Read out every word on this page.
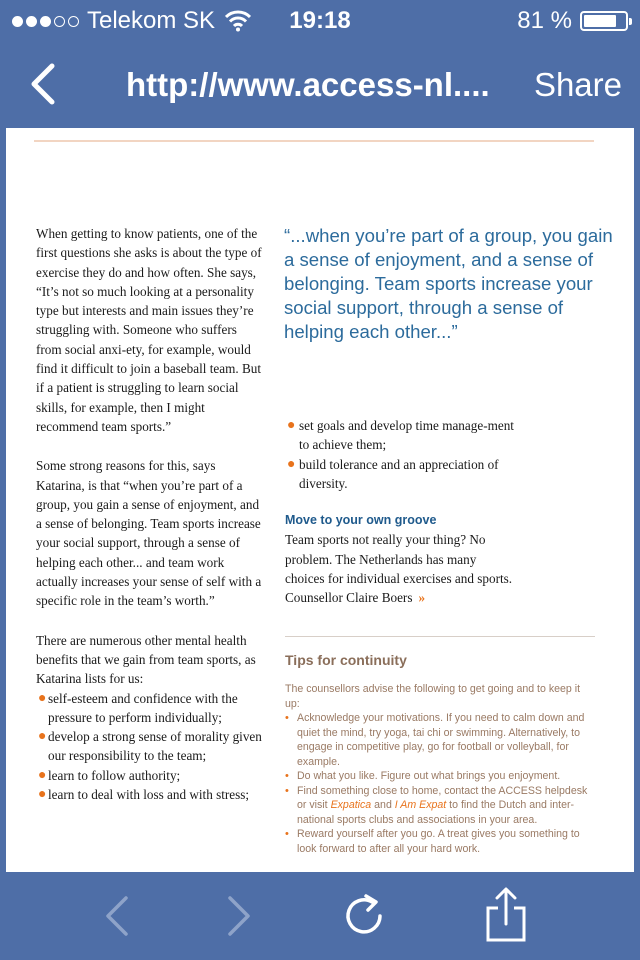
Telekom SK	19:18	81 %
http://www.access-nl....	Share

When getting to know patients, one of the first questions she asks is about the type of exercise they do and how often. She says, “It’s not so much looking at a personality type but interests and main issues they’re struggling with. Someone who suffers from social anxi-ety, for example, would find it difficult to join a baseball team. But if a patient is struggling to learn social skills, for example, then I might recommend team sports.”

Some strong reasons for this, says Katarina, is that “when you’re part of a group, you gain a sense of enjoyment, and a sense of belonging. Team sports increase your social support, through a sense of helping each other... and team work actually increases your sense of self with a specific role in the team’s worth.”

There are numerous other mental health benefits that we gain from team sports, as Katarina lists for us:

● self-esteem and confidence with the pressure to perform individually;
● develop a strong sense of morality given our responsibility to the team;
● learn to follow authority;
● learn to deal with loss and with stress;
“...when you’re part of a group, you gain a sense of enjoyment, and a sense of belonging. Team sports increase your social support, through a sense of helping each other...”
● set goals and develop time manage-ment to achieve them;
● build tolerance and an appreciation of diversity.
Move to your own groove
Team sports not really your thing? No problem. The Netherlands has many choices for individual exercises and sports. Counsellor Claire Boers »
Tips for continuity
The counsellors advise the following to get going and to keep it up:
• Acknowledge your motivations. If you need to calm down and quiet the mind, try yoga, tai chi or swimming. Alternatively, to engage in competitive play, go for football or volleyball, for example.
• Do what you like. Figure out what brings you enjoyment.
• Find something close to home, contact the ACCESS helpdesk or visit Expatica and I Am Expat to find the Dutch and inter-national sports clubs and associations in your area.
• Reward yourself after you go. A treat gives you something to look forward to after all your hard work.
